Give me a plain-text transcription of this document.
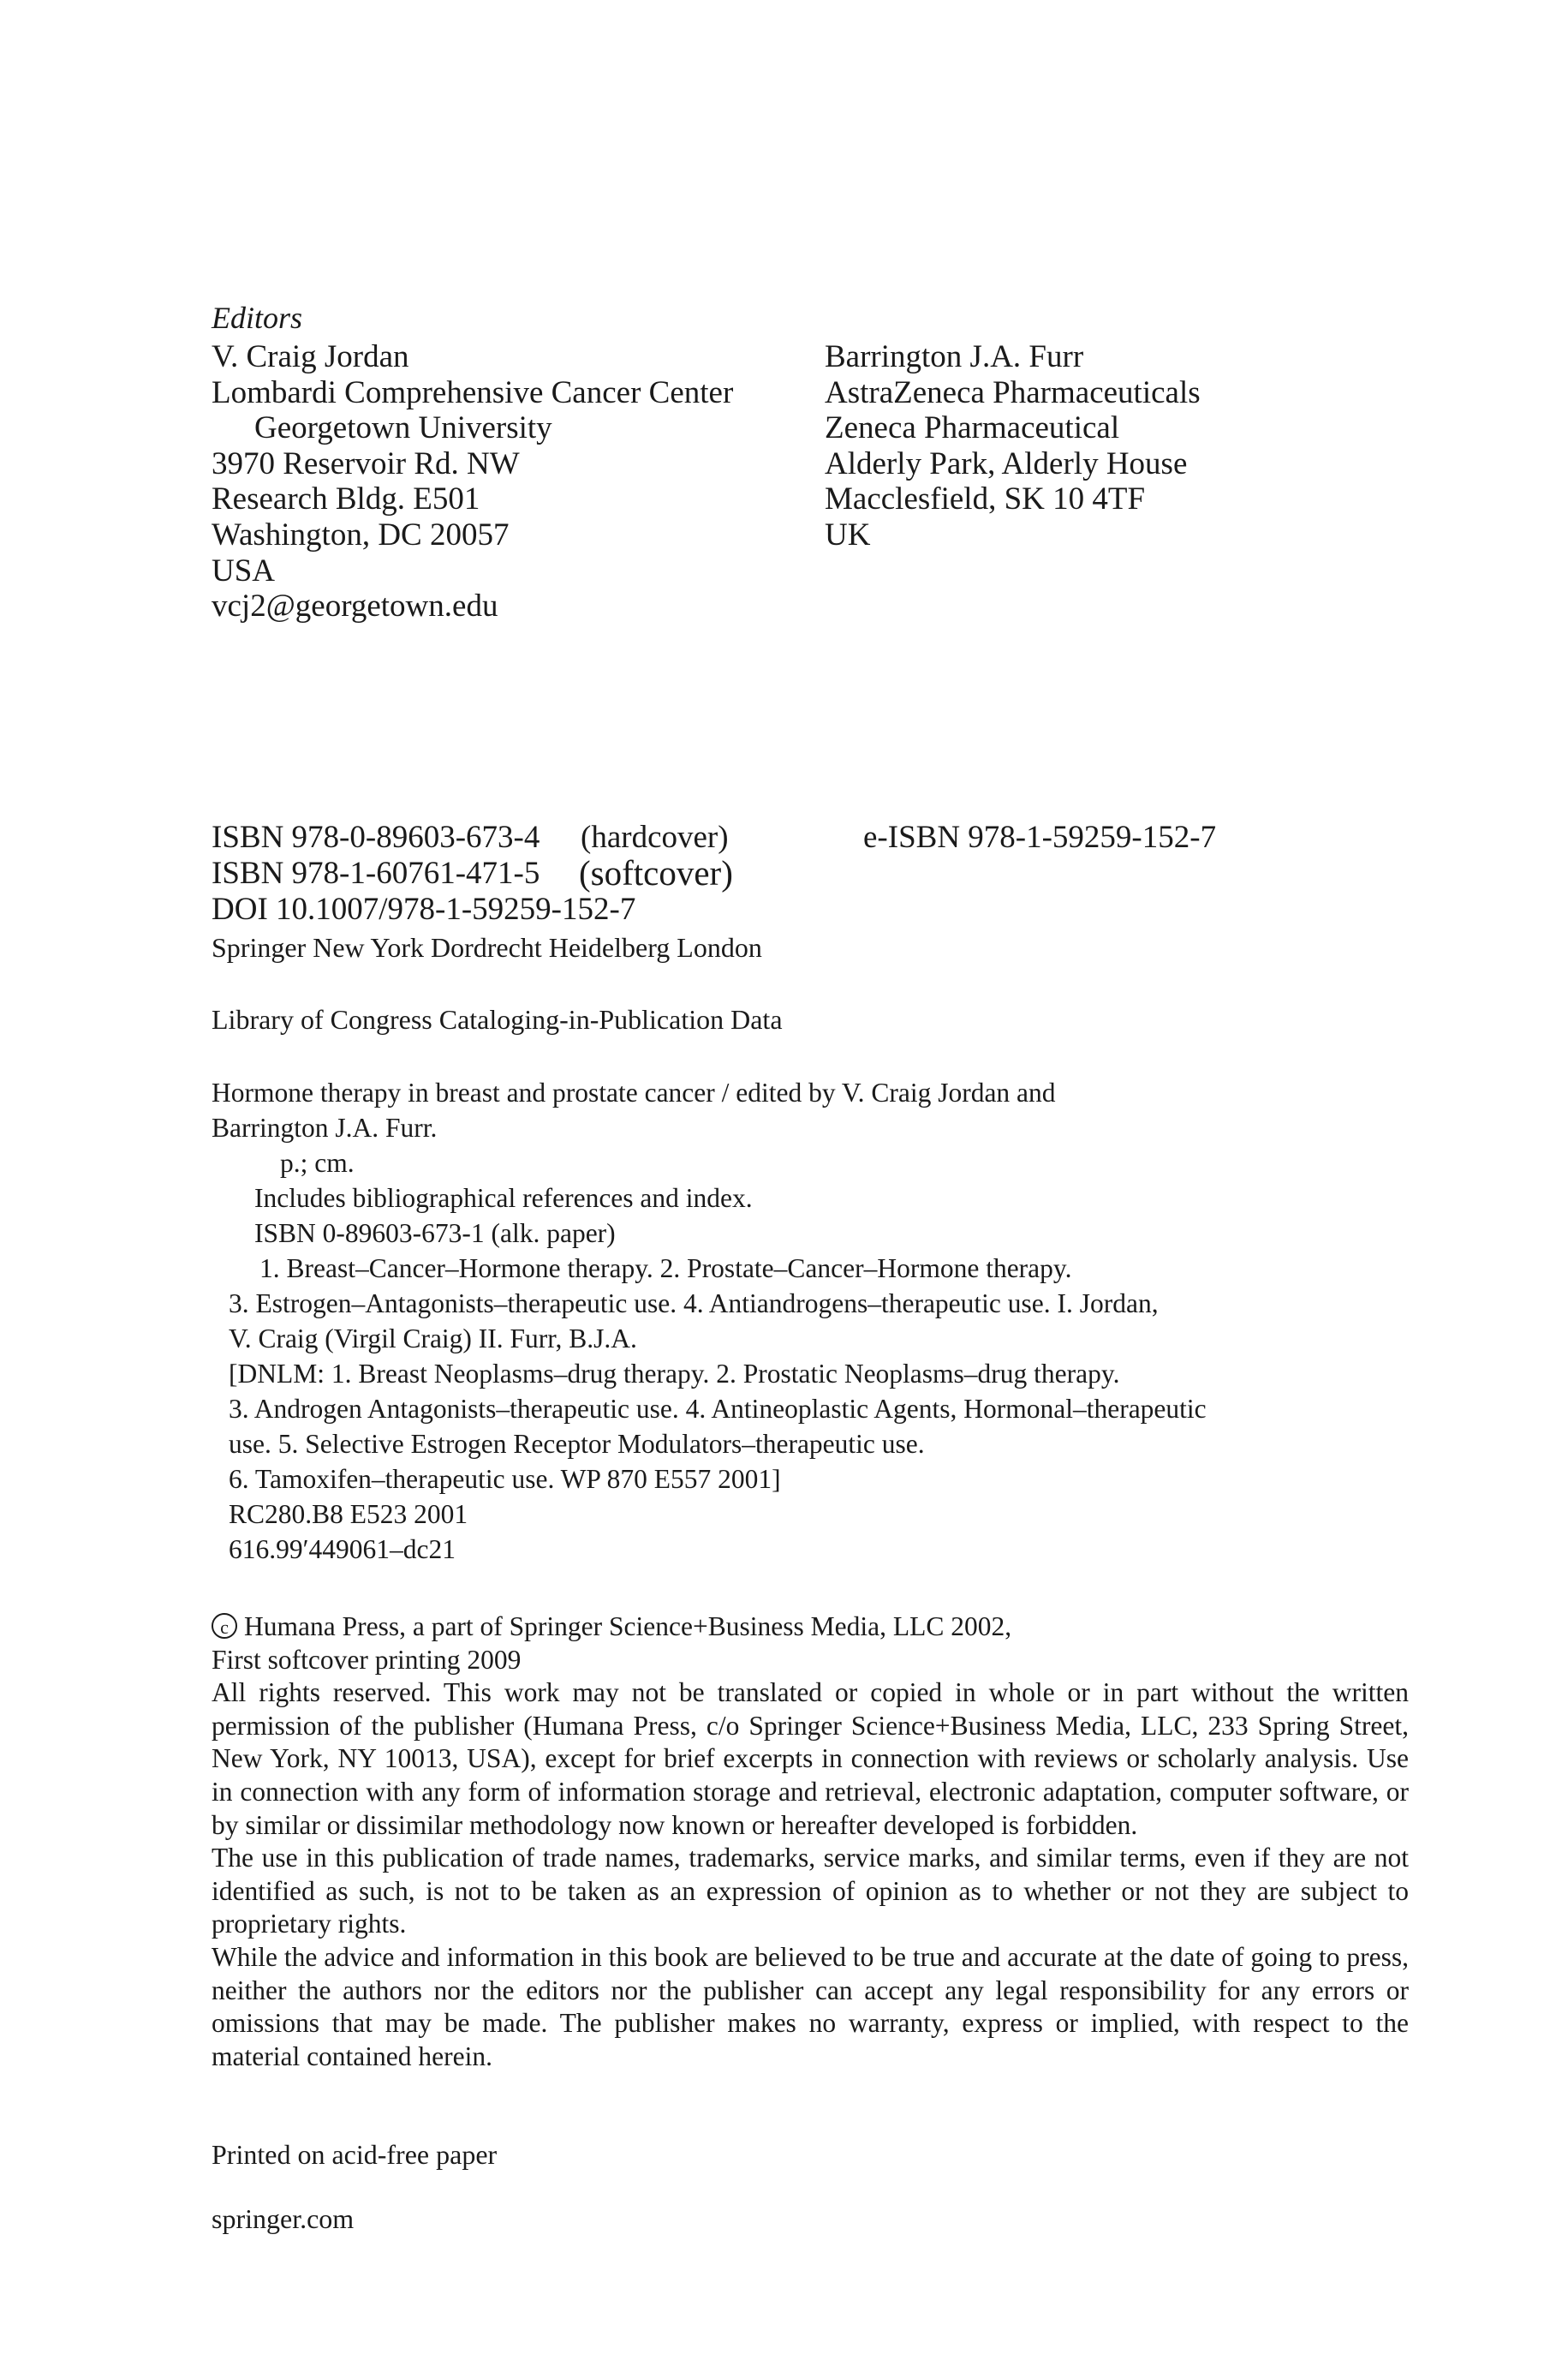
Editors
V. Craig Jordan
Lombardi Comprehensive Cancer Center
Georgetown University
3970 Reservoir Rd. NW
Research Bldg. E501
Washington, DC 20057
USA
vcj2@georgetown.edu
Barrington J.A. Furr
AstraZeneca Pharmaceuticals
Zeneca Pharmaceutical
Alderly Park, Alderly House
Macclesfield, SK 10 4TF
UK
ISBN 978-0-89603-673-4 (hardcover)	e-ISBN 978-1-59259-152-7
ISBN 978-1-60761-471-5 (softcover)
DOI 10.1007/978-1-59259-152-7
Springer New York Dordrecht Heidelberg London
Library of Congress Cataloging-in-Publication Data
Hormone therapy in breast and prostate cancer / edited by V. Craig Jordan and
Barrington J.A. Furr.
p.; cm.
Includes bibliographical references and index.
ISBN 0-89603-673-1 (alk. paper)
1. Breast–Cancer–Hormone therapy. 2. Prostate–Cancer–Hormone therapy.
3. Estrogen–Antagonists–therapeutic use. 4. Antiandrogens–therapeutic use. I. Jordan,
V. Craig (Virgil Craig) II. Furr, B.J.A.
[DNLM: 1. Breast Neoplasms–drug therapy. 2. Prostatic Neoplasms–drug therapy.
3. Androgen Antagonists–therapeutic use. 4. Antineoplastic Agents, Hormonal–therapeutic
use. 5. Selective Estrogen Receptor Modulators–therapeutic use.
6. Tamoxifen–therapeutic use. WP 870 E557 2001]
RC280.B8 E523 2001
616.99′449061–dc21
c Humana Press, a part of Springer Science+Business Media, LLC 2002,
First softcover printing 2009

All rights reserved. This work may not be translated or copied in whole or in part without the written permission of the publisher (Humana Press, c/o Springer Science+Business Media, LLC, 233 Spring Street, New York, NY 10013, USA), except for brief excerpts in connection with reviews or scholarly analysis. Use in connection with any form of information storage and retrieval, electronic adaptation, computer software, or by similar or dissimilar methodology now known or hereafter developed is forbidden.

The use in this publication of trade names, trademarks, service marks, and similar terms, even if they are not identified as such, is not to be taken as an expression of opinion as to whether or not they are subject to proprietary rights.

While the advice and information in this book are believed to be true and accurate at the date of going to press, neither the authors nor the editors nor the publisher can accept any legal responsibility for any errors or omissions that may be made. The publisher makes no warranty, express or implied, with respect to the material contained herein.

Printed on acid-free paper
springer.com
